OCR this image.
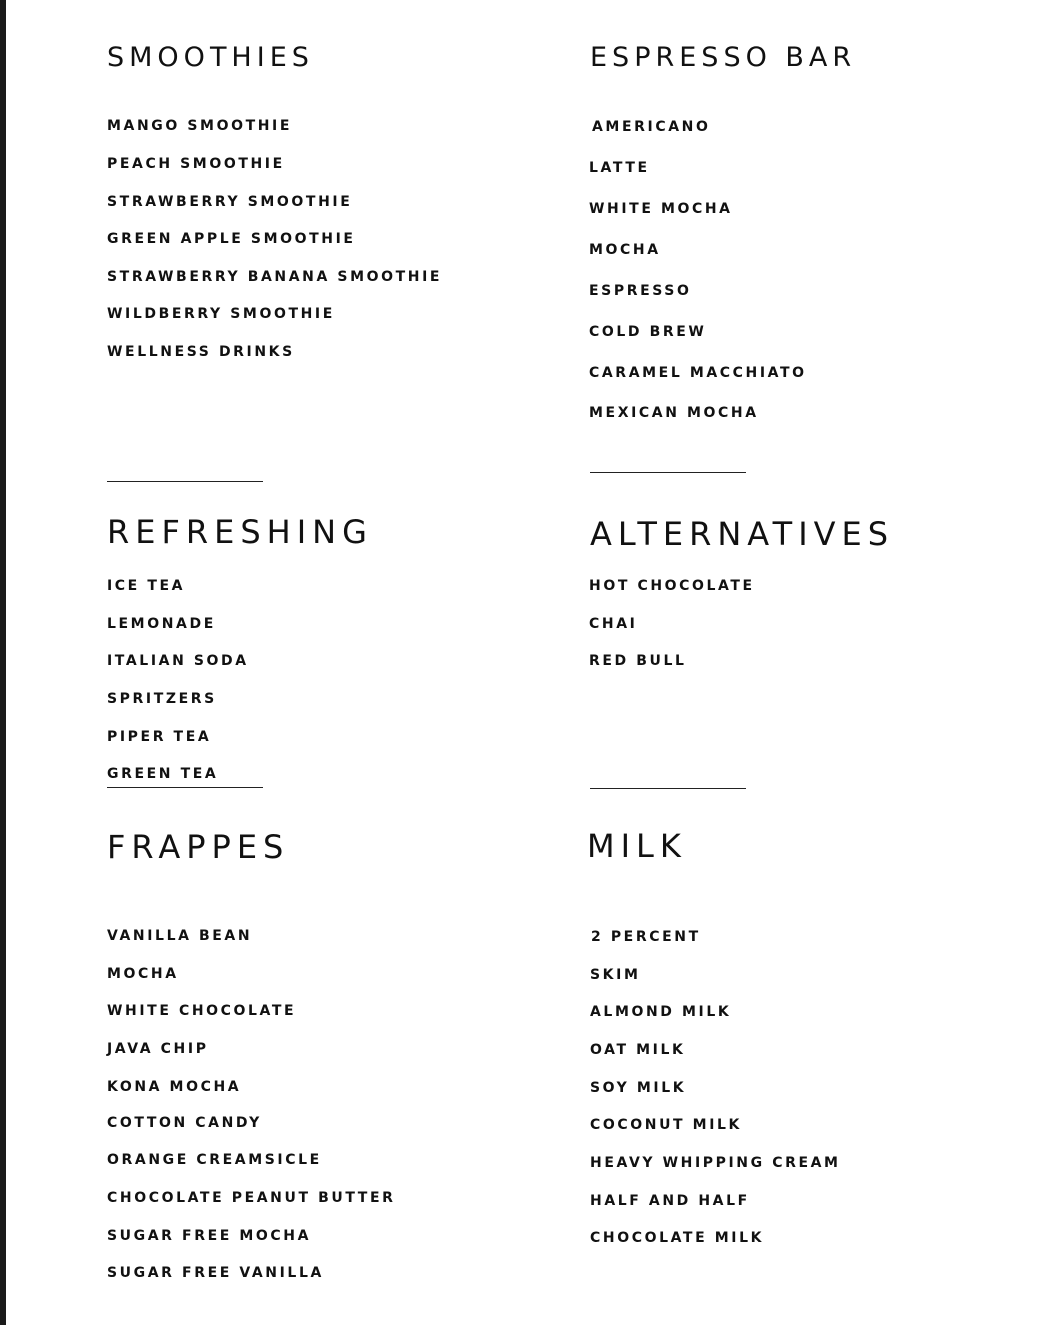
SMOOTHIES
MANGO SMOOTHIE
PEACH SMOOTHIE
STRAWBERRY SMOOTHIE
GREEN APPLE SMOOTHIE
STRAWBERRY BANANA SMOOTHIE
WILDBERRY SMOOTHIE
WELLNESS DRINKS
ESPRESSO BAR
AMERICANO
LATTE
WHITE MOCHA
MOCHA
ESPRESSO
COLD BREW
CARAMEL MACCHIATO
MEXICAN MOCHA
REFRESHING
ICE TEA
LEMONADE
ITALIAN SODA
SPRITZERS
PIPER TEA
GREEN TEA
ALTERNATIVES
HOT CHOCOLATE
CHAI
RED BULL
FRAPPES
VANILLA BEAN
MOCHA
WHITE CHOCOLATE
JAVA CHIP
KONA MOCHA
COTTON CANDY
ORANGE CREAMSICLE
CHOCOLATE PEANUT BUTTER
SUGAR FREE MOCHA
SUGAR FREE VANILLA
MILK
2 PERCENT
SKIM
ALMOND MILK
OAT MILK
SOY MILK
COCONUT MILK
HEAVY WHIPPING CREAM
HALF AND HALF
CHOCOLATE MILK
